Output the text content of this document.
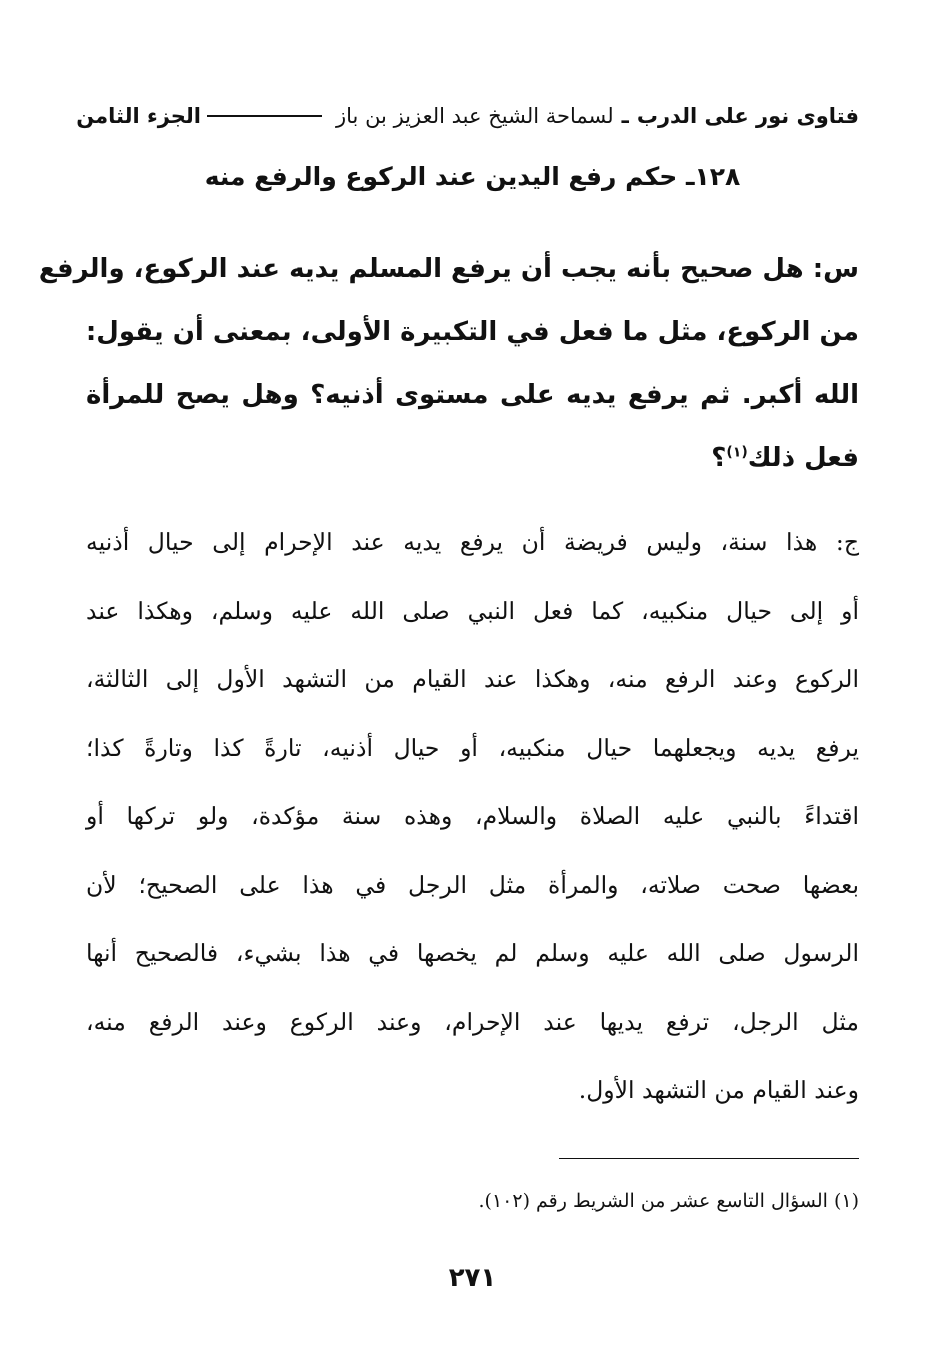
فتاوى نور على الدرب
ـ
لسماحة الشيخ عبد العزيز بن باز
الجزء الثامن
١٢٨ـ حكم رفع اليدين عند الركوع والرفع منه
س: هل صحيح بأنه يجب أن يرفع المسلم يديه عند الركوع، والرفع
من الركوع، مثل ما فعل في التكبيرة الأولى، بمعنى أن يقول:
الله أكبر. ثم يرفع يديه على مستوى أذنيه؟ وهل يصح للمرأة
فعل ذلك$^{(١)}$؟
ج: هذا سنة، وليس فريضة أن يرفع يديه عند الإحرام إلى حيال أذنيه
أو إلى حيال منكبيه، كما فعل النبي صلى الله عليه وسلم، وهكذا عند
الركوع وعند الرفع منه، وهكذا عند القيام من التشهد الأول إلى الثالثة،
يرفع يديه ويجعلهما حيال منكبيه، أو حيال أذنيه، تارةً كذا وتارةً كذا؛
اقتداءً بالنبي عليه الصلاة والسلام، وهذه سنة مؤكدة، ولو تركها أو
بعضها صحت صلاته، والمرأة مثل الرجل في هذا على الصحيح؛ لأن
الرسول صلى الله عليه وسلم لم يخصها في هذا بشيء، فالصحيح أنها
مثل الرجل، ترفع يديها عند الإحرام، وعند الركوع وعند الرفع منه،
وعند القيام من التشهد الأول.
(١) السؤال التاسع عشر من الشريط رقم (١٠٢).
٢٧١
